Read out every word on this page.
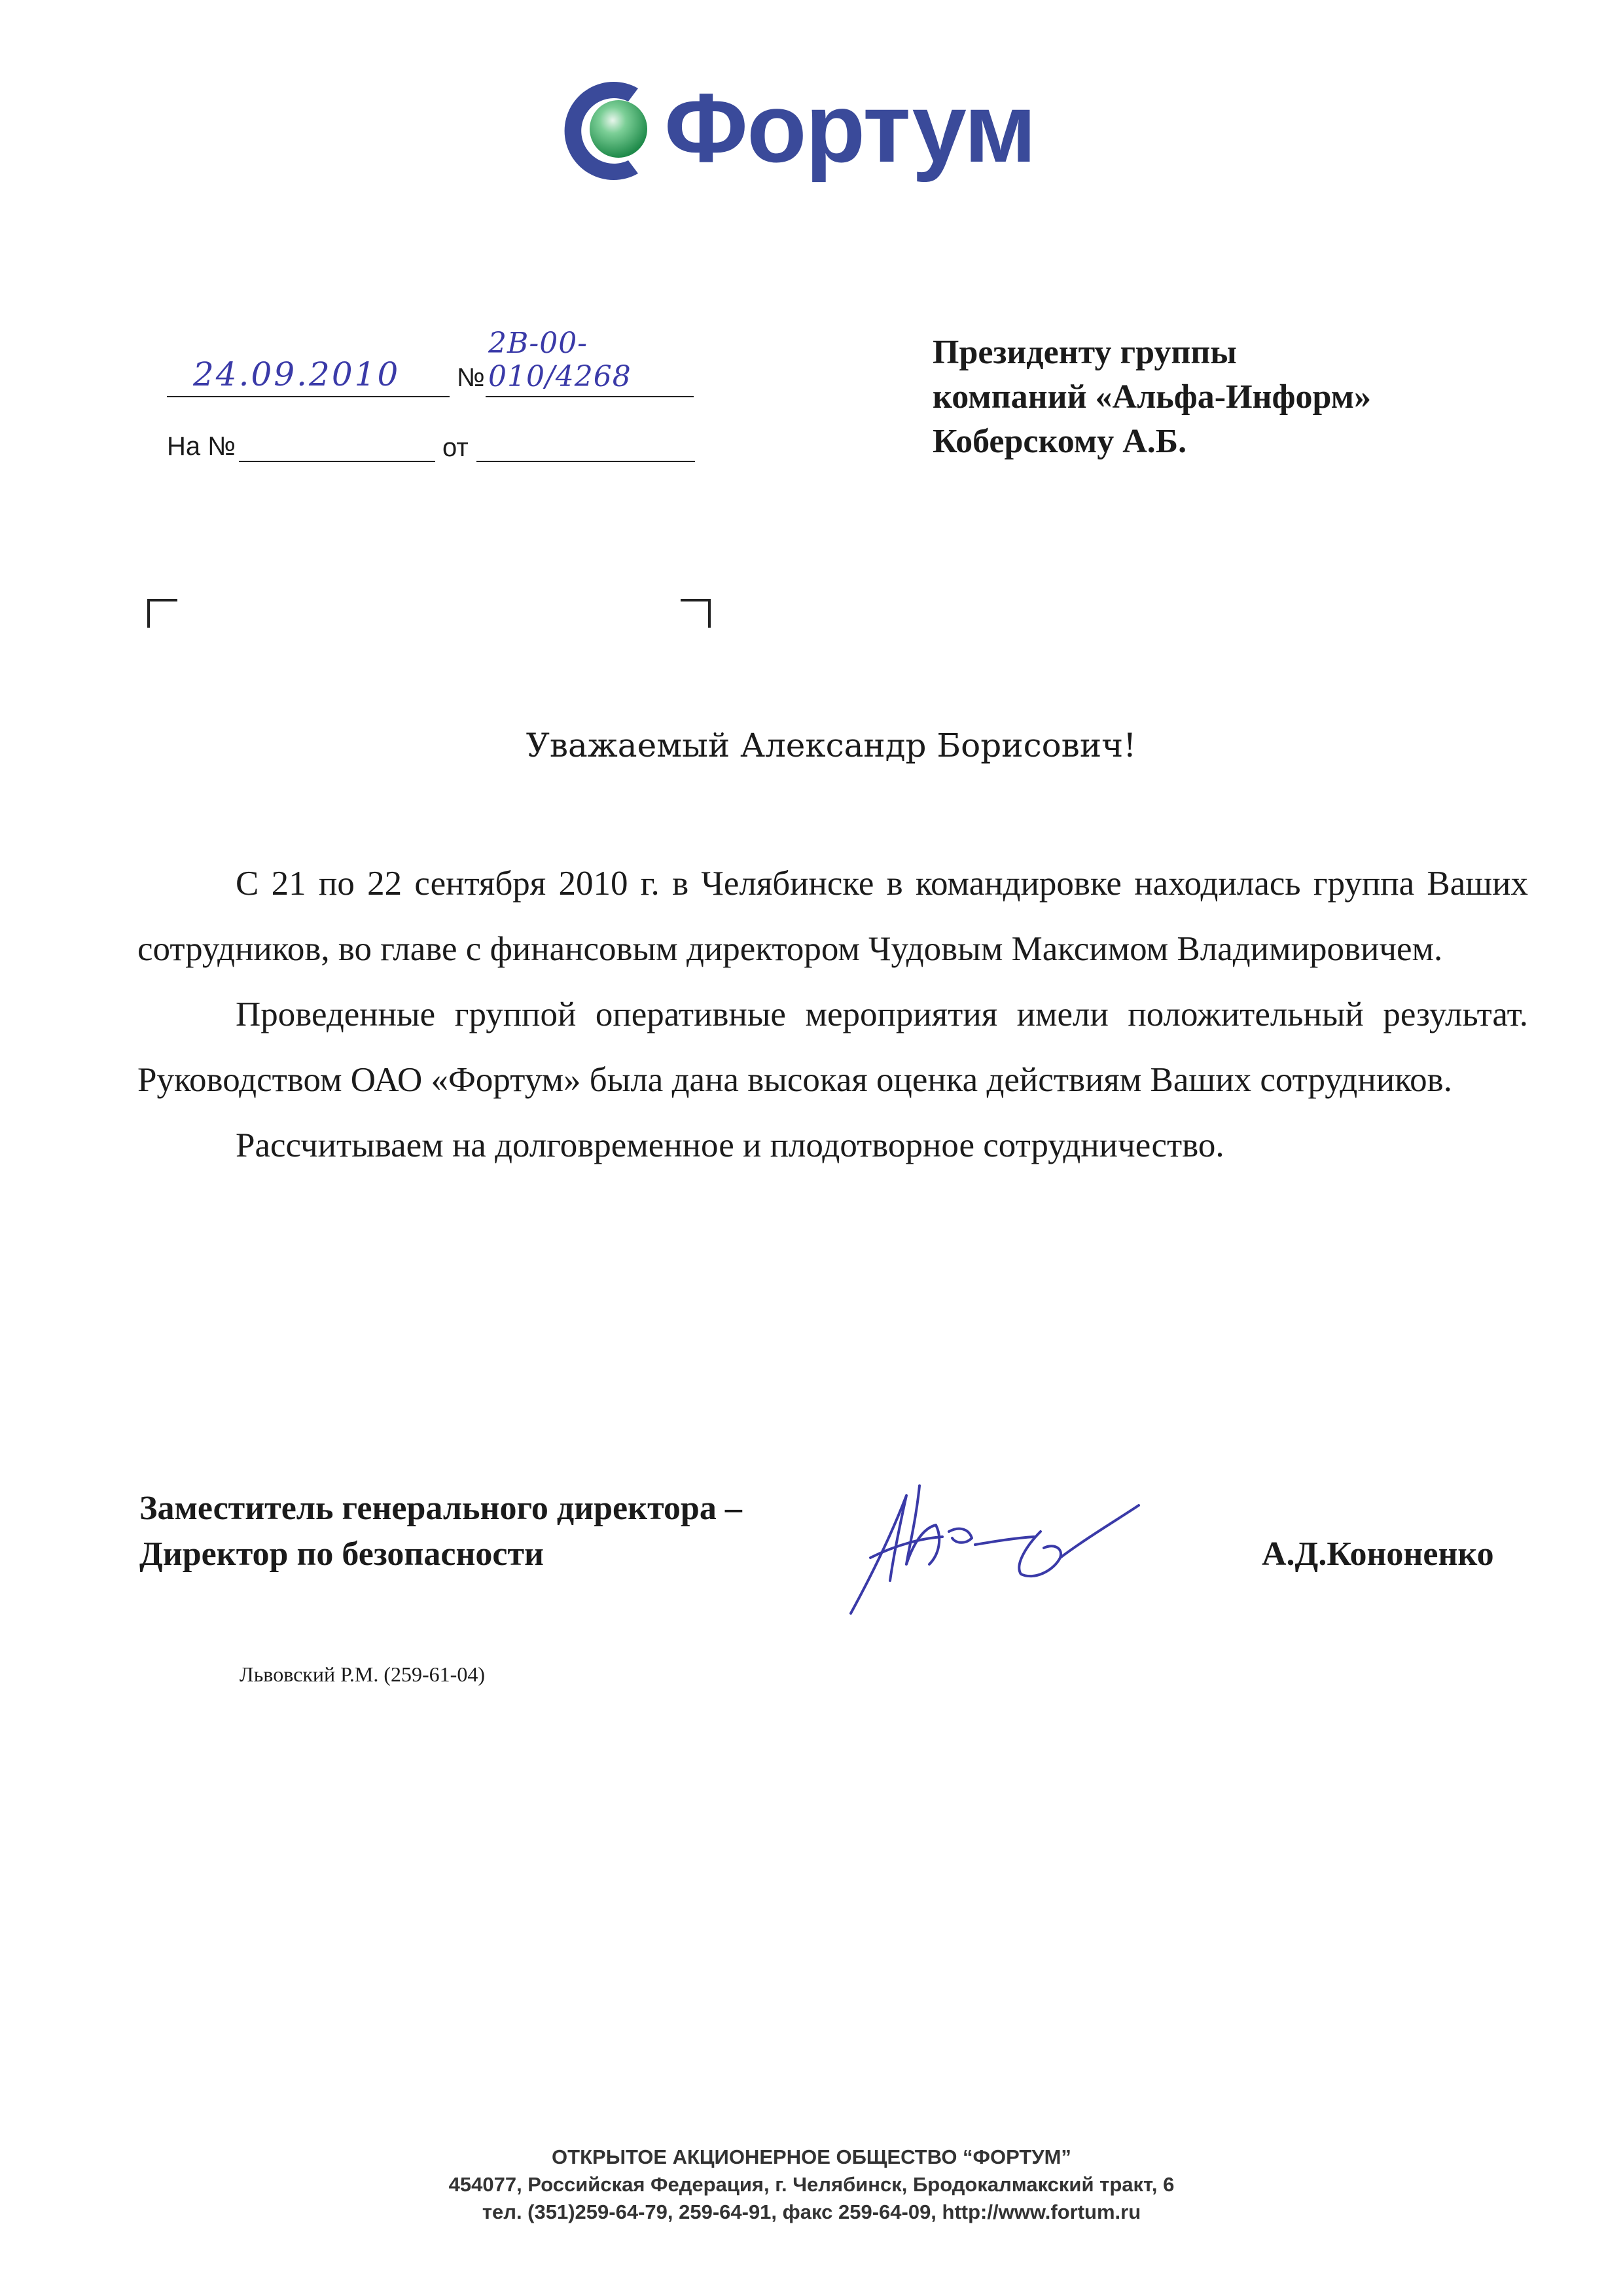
Фортум
24.09.2010 №
2В-00-010/4268
На №	от
Президенту группы
компаний «Альфа-Информ»
Коберскому А.Б.
Уважаемый Александр Борисович!

С 21 по 22 сентября 2010 г. в Челябинске в командировке находилась группа Ваших сотрудников, во главе с финансовым директором Чудовым Максимом Владимировичем.

Проведенные группой оперативные мероприятия имели положительный результат. Руководством ОАО «Фортум» была дана высокая оценка действиям Ваших сотрудников.

Рассчитываем на долговременное и плодотворное сотрудничество.

Заместитель генерального директора –
Директор по безопасности	А.Д.Кононенко
Львовский Р.М. (259-61-04)
ОТКРЫТОЕ АКЦИОНЕРНОЕ ОБЩЕСТВО “ФОРТУМ”
454077, Российская Федерация, г. Челябинск, Бродокалмакский тракт, 6
тел. (351)259-64-79, 259-64-91, факс 259-64-09, http://www.fortum.ru
